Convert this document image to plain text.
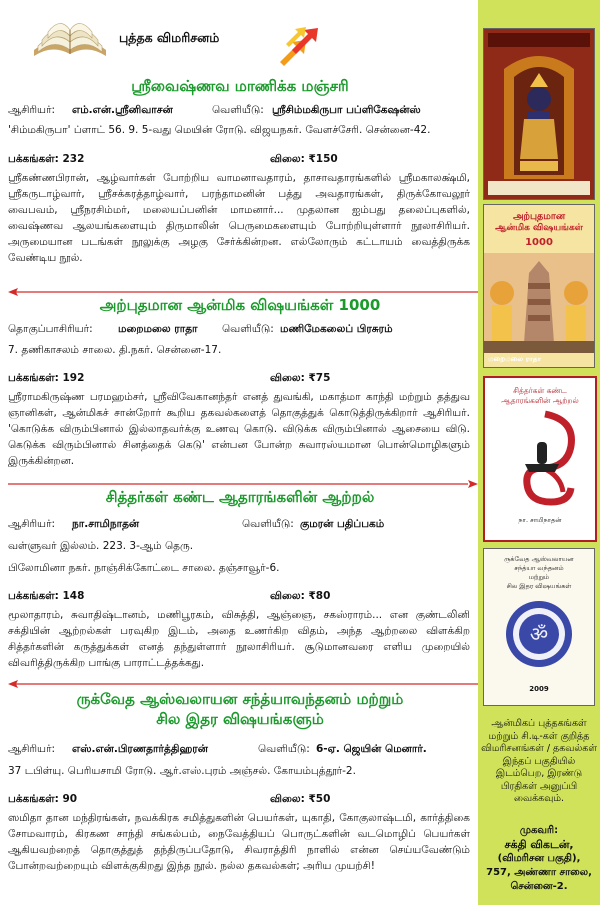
புத்தக விமரிசனம்
ஸ்ரீவைஷ்ணவ மாணிக்க மஞ்சரி
ஆசிரியர்: எம்.என்.ஸ்ரீனிவாசன்	வெளியீடு: ஸ்ரீசிம்மகிருபா பப்ளிகேஷன்ஸ்
'சிம்மகிருபா' ப்ளாட் 56. 9. 5-வது மெயின் ரோடு. விஜயநகர். வேளச்சேரி. சென்னை-42.
பக்கங்கள்: 232	விலை: ₹150
ஸ்ரீகண்ணபிரான், ஆழ்வார்கள் போற்றிய வாமனாவதாரம், தாசாவதாரங்களில் ஸ்ரீமகாலக்ஷ்மி, ஸ்ரீகருடாழ்வார், ஸ்ரீசக்கரத்தாழ்வார், பரந்தாமனின் பத்து அவதாரங்கள், திருக்கோவலூர் வைபவம், ஸ்ரீநரசிம்மர், மலையப்பனின் மாமனார்... முதலான ஐம்பது தலைப்புகளில், வைஷ்ணவ ஆலயங்களையும் திருமாலின் பெருமைகளையும் போற்றியுள்ளார் நூலாசிரியர். அருமையான படங்கள் நூலுக்கு அழகு சேர்க்கின்றன. எல்லோரும் கட்டாயம் வைத்திருக்க வேண்டிய நூல்.
அற்புதமான ஆன்மிக விஷயங்கள் 1000
தொகுப்பாசிரியர்: மறைமலை ராதா வெளியீடு: மணிமேகலைப் பிரசுரம்
7. தணிகாசலம் சாலை. தி.நகர். சென்னை-17.
பக்கங்கள்: 192	விலை: ₹75
ஸ்ரீராமகிருஷ்ண பரமஹம்சர், ஸ்ரீவிவேகானந்தர் எனத் துவங்கி, மகாத்மா காந்தி மற்றும் தத்துவ ஞானிகள், ஆன்மிகச் சான்றோர் கூறிய தகவல்களைத் தொகுத்துக் கொடுத்திருக்கிறார் ஆசிரியர். 'கொடுக்க விரும்பினால் இல்லாதவர்க்கு உணவு கொடு. விடுக்க விரும்பினால் ஆசையை விடு. கெடுக்க விரும்பினால் சினத்தைக் கெடு' என்பன போன்ற சுவாரஸ்யமான பொன்மொழிகளும் இருக்கின்றன.
சித்தர்கள் கண்ட ஆதாரங்களின் ஆற்றல்
ஆசிரியர்: நா.சாமிநாதன்	வெளியீடு: குமரன் பதிப்பகம்
வள்ளுவர் இல்லம். 223. 3-ஆம் தெரு.
பிலோமினா நகர். நாஞ்சிக்கோட்டை சாலை. தஞ்சாவூர்-6.
பக்கங்கள்: 148	விலை: ₹80
மூலாதாரம், சுவாதிஷ்டானம், மணிபூரகம், விசுத்தி, ஆஞ்ஞை, சகஸ்ராரம்... என குண்டலினி சக்தியின் ஆற்றல்கள் பரவுகிற இடம், அதை உணர்கிற விதம், அந்த ஆற்றலை விளக்கிற சித்தர்களின் கருத்துக்கள் எனத் தந்துள்ளார் நூலாசிரியர். சூடுமானவரை எளிய முறையில் விவரித்திருக்கிற பாங்கு பாராட்டத்தக்கது.
ருக்வேத ஆஸ்வலாயன சந்த்யாவந்தனம் மற்றும்
சில இதர விஷயங்களும்
ஆசிரியர்: எஸ்.என்.பிரணதார்த்திஹரன்	வெளியீடு: 6-ஏ. ஜெயின் மெனார்.
37 டபிள்யு. பெரியசாமி ரோடு. ஆர்.எஸ்.புரம் அஞ்சல். கோயம்புத்தூர்-2.
பக்கங்கள்: 90	விலை: ₹50
ஸமிதா தான மந்திரங்கள், நவக்கிரக சமித்துகளின் பெயர்கள், யுகாதி, கோகுலாஷ்டமி, கார்த்திகை சோமவாரம், கிரகண சாந்தி சங்கல்பம், நைவேத்தியப் பொருட்களின் வடமொழிப் பெயர்கள் ஆகியவற்றைத் தொகுத்துத் தந்திருப்பதோடு, சிவராத்திரி நாளில் என்ன செய்யவேண்டும் போன்றவற்றையும் விளக்குகிறது இந்த நூல். நல்ல தகவல்கள்; அரிய முயற்சி!
அற்புதமான
ஆன்மிக விஷயங்கள்
1000
மறைமலை ராதா
சித்தர்கள் கண்ட
ஆதாரங்களின் ஆற்றல்
நா. சாமிநாதன்
ருக்வேத ஆஸ்வலாயன
சந்த்யா வந்தனம்
மற்றும்
சில இதர விஷயங்கள்
ॐ
2009
ஆன்மிகப் புத்தகங்கள் மற்றும் சி.டி-கள் குறித்த விமரிசனங்கள் / தகவல்கள் இந்தப் பகுதியில் இடம்பெற, இரண்டு பிரதிகள் அனுப்பி வைக்கவும்.
முகவரி:
சக்தி விகடன்,
(விமரிசன பகுதி),
757, அண்ணா சாலை,
சென்னை-2.
